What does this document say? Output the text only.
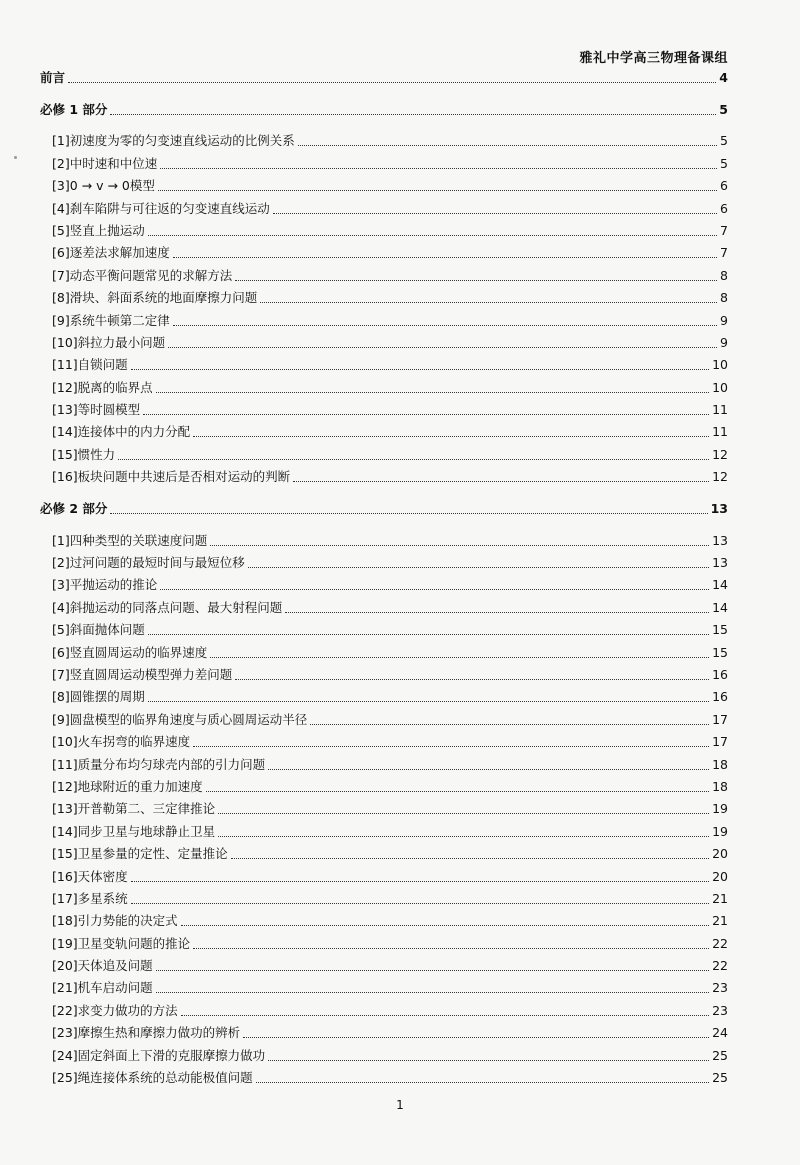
雅礼中学高三物理备课组
前言	4
必修 1 部分	5
[1]初速度为零的匀变速直线运动的比例关系	5
[2]中时速和中位速	5
[3]0 → v → 0模型	6
[4]刹车陷阱与可往返的匀变速直线运动	6
[5]竖直上抛运动	7
[6]逐差法求解加速度	7
[7]动态平衡问题常见的求解方法	8
[8]滑块、斜面系统的地面摩擦力问题	8
[9]系统牛顿第二定律	9
[10]斜拉力最小问题	9
[11]自锁问题	10
[12]脱离的临界点	10
[13]等时圆模型	11
[14]连接体中的内力分配	11
[15]惯性力	12
[16]板块问题中共速后是否相对运动的判断	12
必修 2 部分	13
[1]四种类型的关联速度问题	13
[2]过河问题的最短时间与最短位移	13
[3]平抛运动的推论	14
[4]斜抛运动的同落点问题、最大射程问题	14
[5]斜面抛体问题	15
[6]竖直圆周运动的临界速度	15
[7]竖直圆周运动模型弹力差问题	16
[8]圆锥摆的周期	16
[9]圆盘模型的临界角速度与质心圆周运动半径	17
[10]火车拐弯的临界速度	17
[11]质量分布均匀球壳内部的引力问题	18
[12]地球附近的重力加速度	18
[13]开普勒第二、三定律推论	19
[14]同步卫星与地球静止卫星	19
[15]卫星参量的定性、定量推论	20
[16]天体密度	20
[17]多星系统	21
[18]引力势能的决定式	21
[19]卫星变轨问题的推论	22
[20]天体追及问题	22
[21]机车启动问题	23
[22]求变力做功的方法	23
[23]摩擦生热和摩擦力做功的辨析	24
[24]固定斜面上下滑的克服摩擦力做功	25
[25]绳连接体系统的总动能极值问题	25
1
